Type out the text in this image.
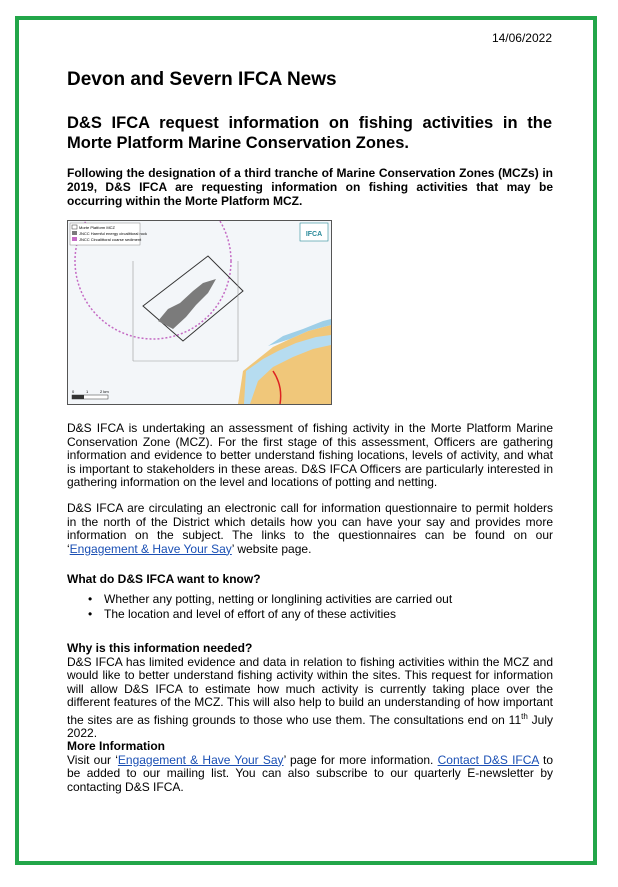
14/06/2022
Devon and Severn IFCA News
D&S IFCA request information on fishing activities in the Morte Platform Marine Conservation Zones.
Following the designation of a third tranche of Marine Conservation Zones (MCZs) in 2019, D&S IFCA are requesting information on fishing activities that may be occurring within the Morte Platform MCZ.
Morte Platform MCZ
JNCC Harmful energy circalittoral rock
JNCC Circalittoral coarse sediment
IFCA
0	1	2 km
D&S IFCA is undertaking an assessment of fishing activity in the Morte Platform Marine Conservation Zone (MCZ). For the first stage of this assessment, Officers are gathering information and evidence to better understand fishing locations, levels of activity, and what is important to stakeholders in these areas. D&S IFCA Officers are particularly interested in gathering information on the level and locations of potting and netting.
D&S IFCA are circulating an electronic call for information questionnaire to permit holders in the north of the District which details how you can have your say and provides more information on the subject. The links to the questionnaires can be found on our ‘Engagement & Have Your Say’ website page.
What do D&S IFCA want to know?
• Whether any potting, netting or longlining activities are carried out
• The location and level of effort of any of these activities
Why is this information needed?
D&S IFCA has limited evidence and data in relation to fishing activities within the MCZ and would like to better understand fishing activity within the sites. This request for information will allow D&S IFCA to estimate how much activity is currently taking place over the different features of the MCZ. This will also help to build an understanding of how important the sites are as fishing grounds to those who use them. The consultations end on 11th July 2022.
More Information
Visit our ‘Engagement & Have Your Say’ page for more information. Contact D&S IFCA to be added to our mailing list. You can also subscribe to our quarterly E-newsletter by contacting D&S IFCA.
